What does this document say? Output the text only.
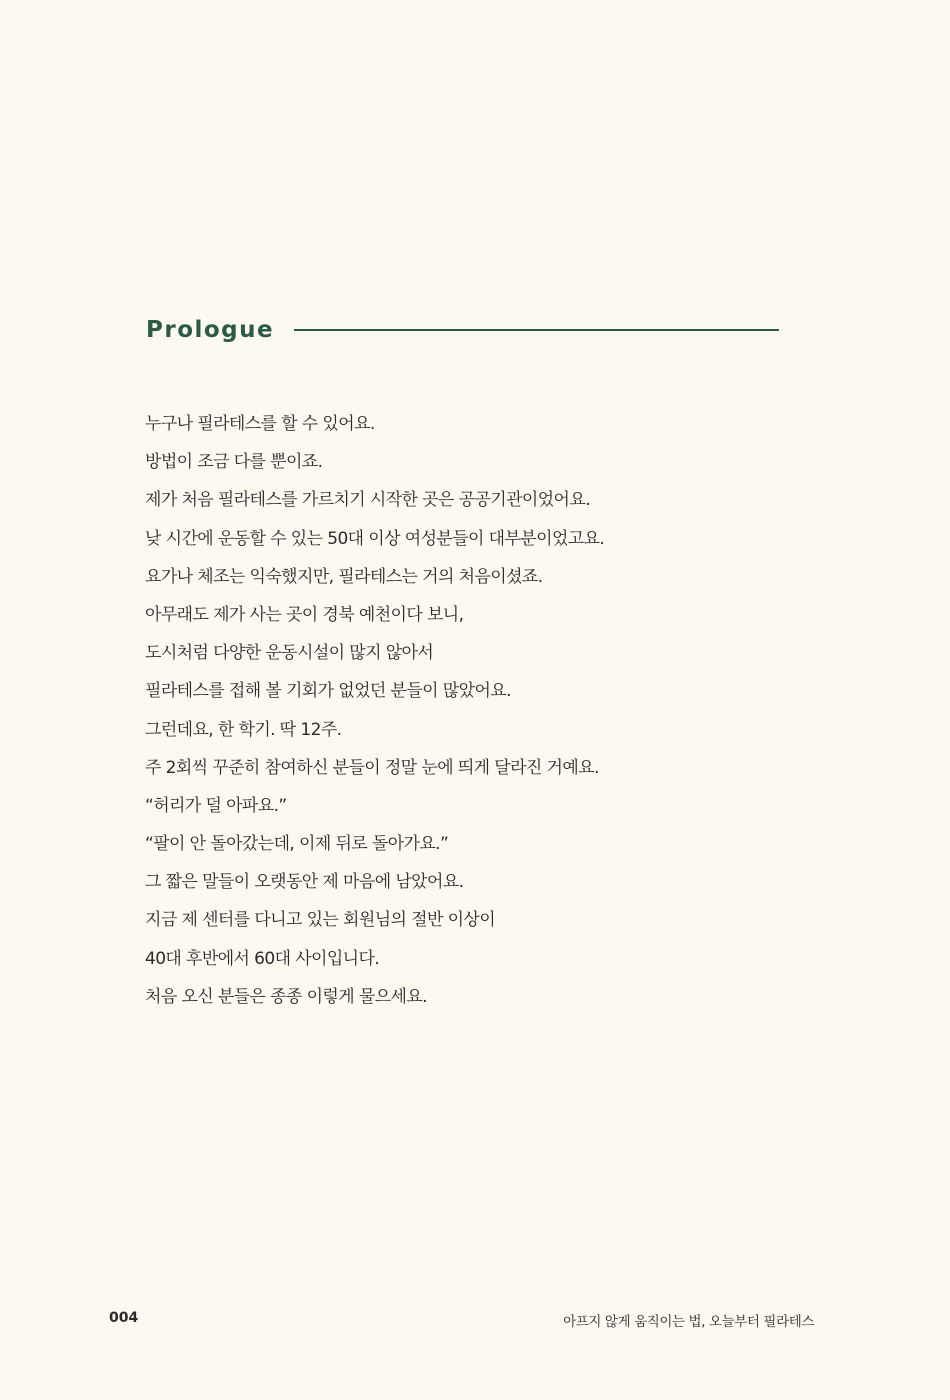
Prologue
누구나 필라테스를 할 수 있어요.
방법이 조금 다를 뿐이죠.
제가 처음 필라테스를 가르치기 시작한 곳은 공공기관이었어요.
낮 시간에 운동할 수 있는 50대 이상 여성분들이 대부분이었고요.
요가나 체조는 익숙했지만, 필라테스는 거의 처음이셨죠.
아무래도 제가 사는 곳이 경북 예천이다 보니,
도시처럼 다양한 운동시설이 많지 않아서
필라테스를 접해 볼 기회가 없었던 분들이 많았어요.
그런데요, 한 학기. 딱 12주.
주 2회씩 꾸준히 참여하신 분들이 정말 눈에 띄게 달라진 거예요.
“허리가 덜 아파요.”
“팔이 안 돌아갔는데, 이제 뒤로 돌아가요.”
그 짧은 말들이 오랫동안 제 마음에 남았어요.
지금 제 센터를 다니고 있는 회원님의 절반 이상이
40대 후반에서 60대 사이입니다.
처음 오신 분들은 종종 이렇게 물으세요.
004	아프지 않게 움직이는 법, 오늘부터 필라테스
